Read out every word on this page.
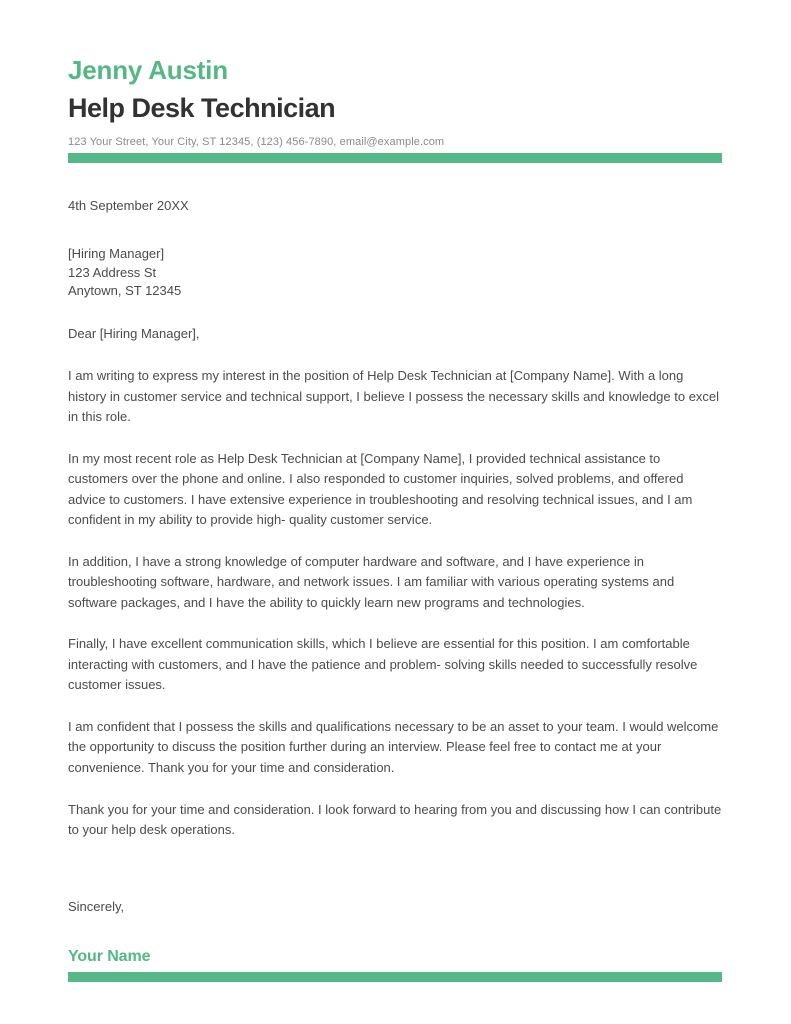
Jenny Austin
Help Desk Technician

123 Your Street, Your City, ST 12345, (123) 456-7890, email@example.com

4th September 20XX

[Hiring Manager]
123 Address St
Anytown, ST 12345

Dear [Hiring Manager],

I am writing to express my interest in the position of Help Desk Technician at [Company Name]. With a long history in customer service and technical support, I believe I possess the necessary skills and knowledge to excel in this role.

In my most recent role as Help Desk Technician at [Company Name], I provided technical assistance to customers over the phone and online. I also responded to customer inquiries, solved problems, and offered advice to customers. I have extensive experience in troubleshooting and resolving technical issues, and I am confident in my ability to provide high- quality customer service.

In addition, I have a strong knowledge of computer hardware and software, and I have experience in troubleshooting software, hardware, and network issues. I am familiar with various operating systems and software packages, and I have the ability to quickly learn new programs and technologies.

Finally, I have excellent communication skills, which I believe are essential for this position. I am comfortable interacting with customers, and I have the patience and problem- solving skills needed to successfully resolve customer issues.

I am confident that I possess the skills and qualifications necessary to be an asset to your team. I would welcome the opportunity to discuss the position further during an interview. Please feel free to contact me at your convenience. Thank you for your time and consideration.

Thank you for your time and consideration. I look forward to hearing from you and discussing how I can contribute to your help desk operations.

Sincerely,

Your Name
